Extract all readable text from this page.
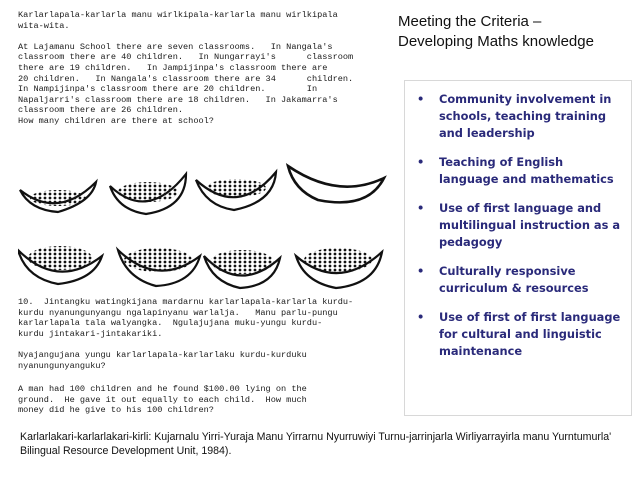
Karlarlapala-karlarla manu wirlkipala-karlarla manu wirlkipala
wita-wita.

At Lajamanu School there are seven classrooms.   In Nangala's
classroom there are 40 children.   In Nungarrayi's      classroom
there are 19 children.   In Jampijinpa's classroom there are
20 children.   In Nangala's classroom there are 34      children.
In Nampijinpa's classroom there are 20 children.        In
Napaljarri's classroom there are 18 children.   In Jakamarra's
classroom there are 26 children.
How many children are there at school?
10.  Jintangku watingkijana mardarnu karlarlapala-karlarla kurdu-
kurdu nyanungunyangu ngalapinyanu warlalja.   Manu parlu-pungu
karlarlapala tala walyangka.  Ngulajujana muku-yungu kurdu-
kurdu jintakari-jintakariki.
Nyajangujana yungu karlarlapala-karlarlaku kurdu-kurduku
nyanungunyanguku?
A man had 100 children and he found $100.00 lying on the
ground.  He gave it out equally to each child.  How much
money did he give to his 100 children?
Meeting the Criteria –
Developing Maths knowledge
•	Community involvement in schools, teaching training and leadership
•	Teaching of English language and mathematics
•	Use of first language and multilingual instruction as a pedagogy
•	Culturally responsive curriculum & resources
•	Use of first of first language for cultural and linguistic maintenance
Karlarlakari-karlarlakari-kirli: Kujarnalu Yirri-Yuraja Manu Yirrarnu Nyurruwiyi Turnu-jarrinjarla Wirliyarrayirla manu Yurntumurla' Bilingual Resource Development Unit, 1984).
